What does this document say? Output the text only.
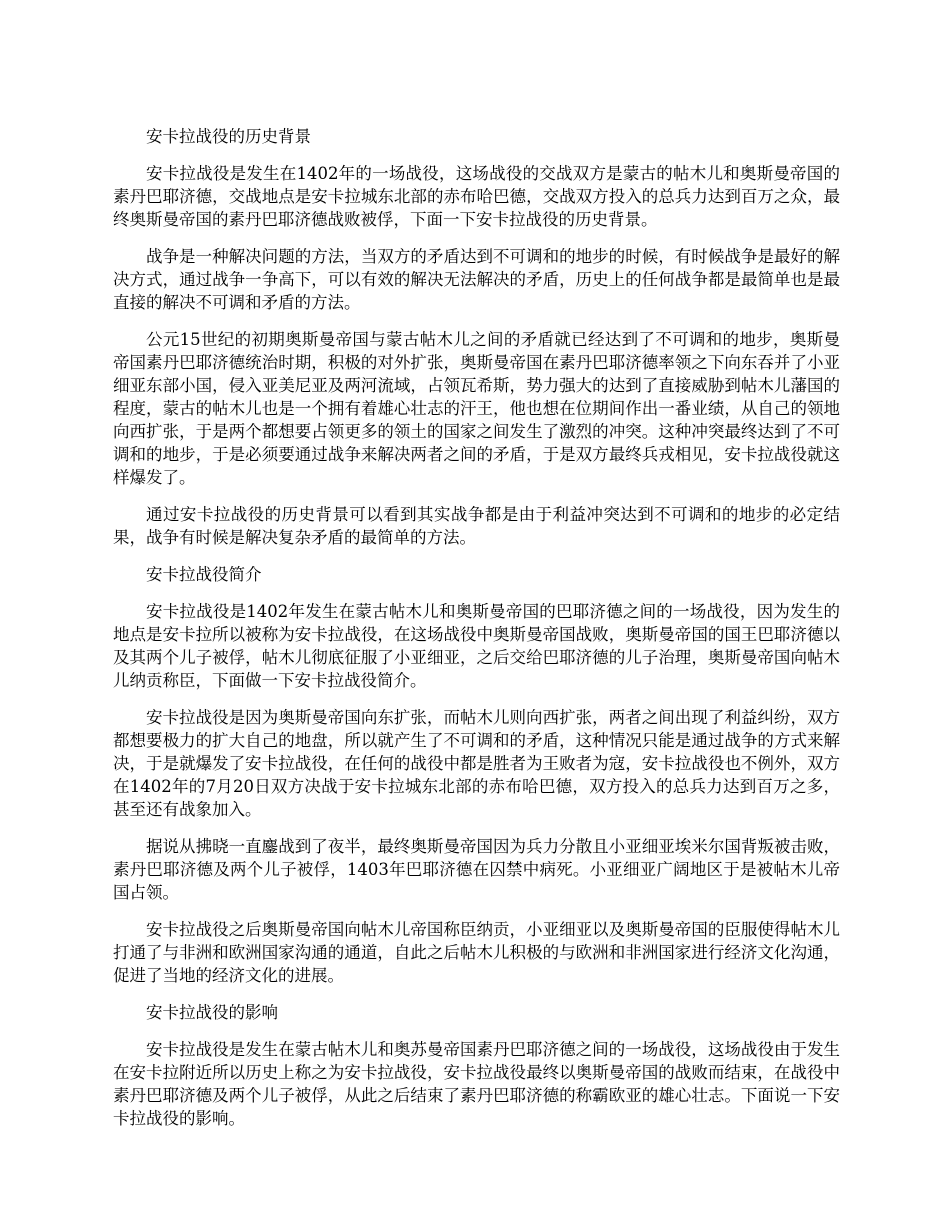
安卡拉战役的历史背景

安卡拉战役是发生在1402年的一场战役，这场战役的交战双方是蒙古的帖木儿和奥斯曼帝国的素丹巴耶济德，交战地点是安卡拉城东北部的赤布哈巴德，交战双方投入的总兵力达到百万之众，最终奥斯曼帝国的素丹巴耶济德战败被俘，下面一下安卡拉战役的历史背景。

战争是一种解决问题的方法，当双方的矛盾达到不可调和的地步的时候，有时候战争是最好的解决方式，通过战争一争高下，可以有效的解决无法解决的矛盾，历史上的任何战争都是最简单也是最直接的解决不可调和矛盾的方法。

公元15世纪的初期奥斯曼帝国与蒙古帖木儿之间的矛盾就已经达到了不可调和的地步，奥斯曼帝国素丹巴耶济德统治时期，积极的对外扩张，奥斯曼帝国在素丹巴耶济德率领之下向东吞并了小亚细亚东部小国，侵入亚美尼亚及两河流域，占领瓦希斯，势力强大的达到了直接威胁到帖木儿藩国的程度，蒙古的帖木儿也是一个拥有着雄心壮志的汗王，他也想在位期间作出一番业绩，从自己的领地向西扩张，于是两个都想要占领更多的领土的国家之间发生了激烈的冲突。这种冲突最终达到了不可调和的地步，于是必须要通过战争来解决两者之间的矛盾，于是双方最终兵戎相见，安卡拉战役就这样爆发了。

通过安卡拉战役的历史背景可以看到其实战争都是由于利益冲突达到不可调和的地步的必定结果，战争有时候是解决复杂矛盾的最简单的方法。

安卡拉战役简介

安卡拉战役是1402年发生在蒙古帖木儿和奥斯曼帝国的巴耶济德之间的一场战役，因为发生的地点是安卡拉所以被称为安卡拉战役，在这场战役中奥斯曼帝国战败，奥斯曼帝国的国王巴耶济德以及其两个儿子被俘，帖木儿彻底征服了小亚细亚，之后交给巴耶济德的儿子治理，奥斯曼帝国向帖木儿纳贡称臣，下面做一下安卡拉战役简介。

安卡拉战役是因为奥斯曼帝国向东扩张，而帖木儿则向西扩张，两者之间出现了利益纠纷，双方都想要极力的扩大自己的地盘，所以就产生了不可调和的矛盾，这种情况只能是通过战争的方式来解决，于是就爆发了安卡拉战役，在任何的战役中都是胜者为王败者为寇，安卡拉战役也不例外，双方在1402年的7月20日双方决战于安卡拉城东北部的赤布哈巴德，双方投入的总兵力达到百万之多，甚至还有战象加入。

据说从拂晓一直鏖战到了夜半，最终奥斯曼帝国因为兵力分散且小亚细亚埃米尔国背叛被击败，素丹巴耶济德及两个儿子被俘，1403年巴耶济德在囚禁中病死。小亚细亚广阔地区于是被帖木儿帝国占领。

安卡拉战役之后奥斯曼帝国向帖木儿帝国称臣纳贡，小亚细亚以及奥斯曼帝国的臣服使得帖木儿打通了与非洲和欧洲国家沟通的通道，自此之后帖木儿积极的与欧洲和非洲国家进行经济文化沟通，促进了当地的经济文化的进展。

安卡拉战役的影响

安卡拉战役是发生在蒙古帖木儿和奥苏曼帝国素丹巴耶济德之间的一场战役，这场战役由于发生在安卡拉附近所以历史上称之为安卡拉战役，安卡拉战役最终以奥斯曼帝国的战败而结束，在战役中素丹巴耶济德及两个儿子被俘，从此之后结束了素丹巴耶济德的称霸欧亚的雄心壮志。下面说一下安卡拉战役的影响。
